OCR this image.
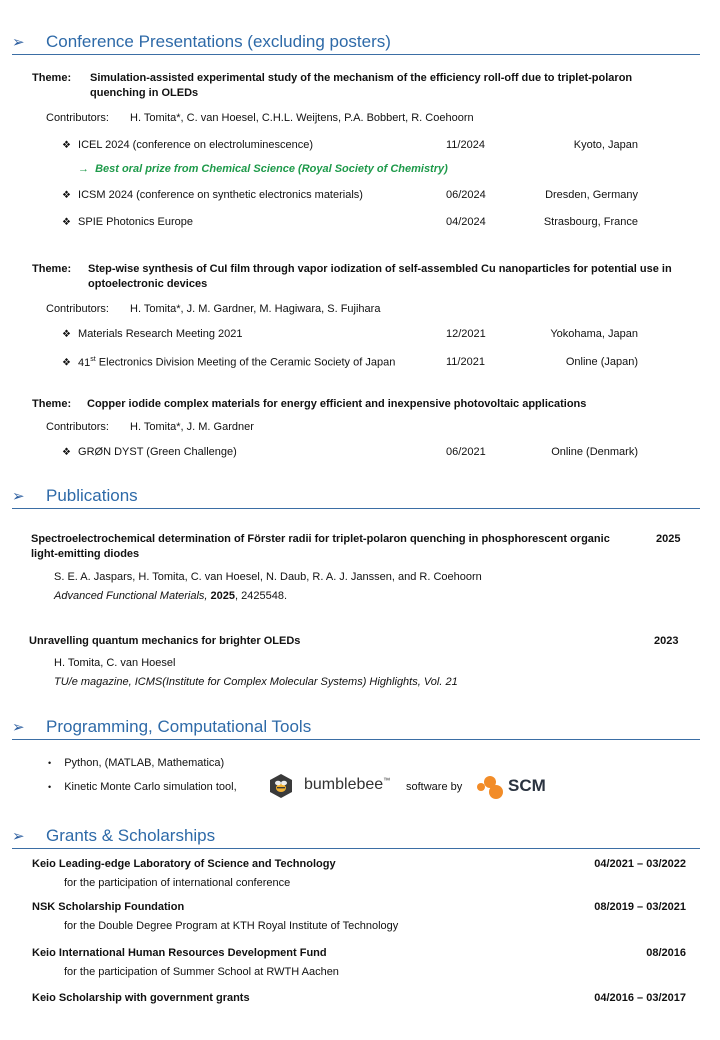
➢ Conference Presentations (excluding posters)
Theme: Simulation-assisted experimental study of the mechanism of the efficiency roll-off due to triplet-polaron quenching in OLEDs
Contributors: H. Tomita*, C. van Hoesel, C.H.L. Weijtens, P.A. Bobbert, R. Coehoorn
❖ ICEL 2024 (conference on electroluminescence)	11/2024	Kyoto, Japan
→ Best oral prize from Chemical Science (Royal Society of Chemistry)
❖ ICSM 2024 (conference on synthetic electronics materials)	06/2024	Dresden, Germany
❖ SPIE Photonics Europe	04/2024	Strasbourg, France
Theme: Step-wise synthesis of CuI film through vapor iodization of self-assembled Cu nanoparticles for potential use in optoelectronic devices
Contributors: H. Tomita*, J. M. Gardner, M. Hagiwara, S. Fujihara
❖ Materials Research Meeting 2021	12/2021	Yokohama, Japan
❖ 41st Electronics Division Meeting of the Ceramic Society of Japan	11/2021	Online (Japan)
Theme: Copper iodide complex materials for energy efficient and inexpensive photovoltaic applications
Contributors: H. Tomita*, J. M. Gardner
❖ GRØN DYST (Green Challenge)	06/2021	Online (Denmark)
➢ Publications
Spectroelectrochemical determination of Förster radii for triplet-polaron quenching in phosphorescent organic light-emitting diodes
2025
S. E. A. Jaspars, H. Tomita, C. van Hoesel, N. Daub, R. A. J. Janssen, and R. Coehoorn
Advanced Functional Materials, 2025, 2425548.
Unravelling quantum mechanics for brighter OLEDs	2023
H. Tomita, C. van Hoesel
TU/e magazine, ICMS(Institute for Complex Molecular Systems) Highlights, Vol. 21
➢ Programming, Computational Tools
• Python, (MATLAB, Mathematica)
• Kinetic Monte Carlo simulation tool,	bumblebee™ software by	SCM
➢ Grants & Scholarships
Keio Leading-edge Laboratory of Science and Technology	04/2021 – 03/2022
for the participation of international conference
NSK Scholarship Foundation	08/2019 – 03/2021
for the Double Degree Program at KTH Royal Institute of Technology
Keio International Human Resources Development Fund	08/2016
for the participation of Summer School at RWTH Aachen
Keio Scholarship with government grants	04/2016 – 03/2017
